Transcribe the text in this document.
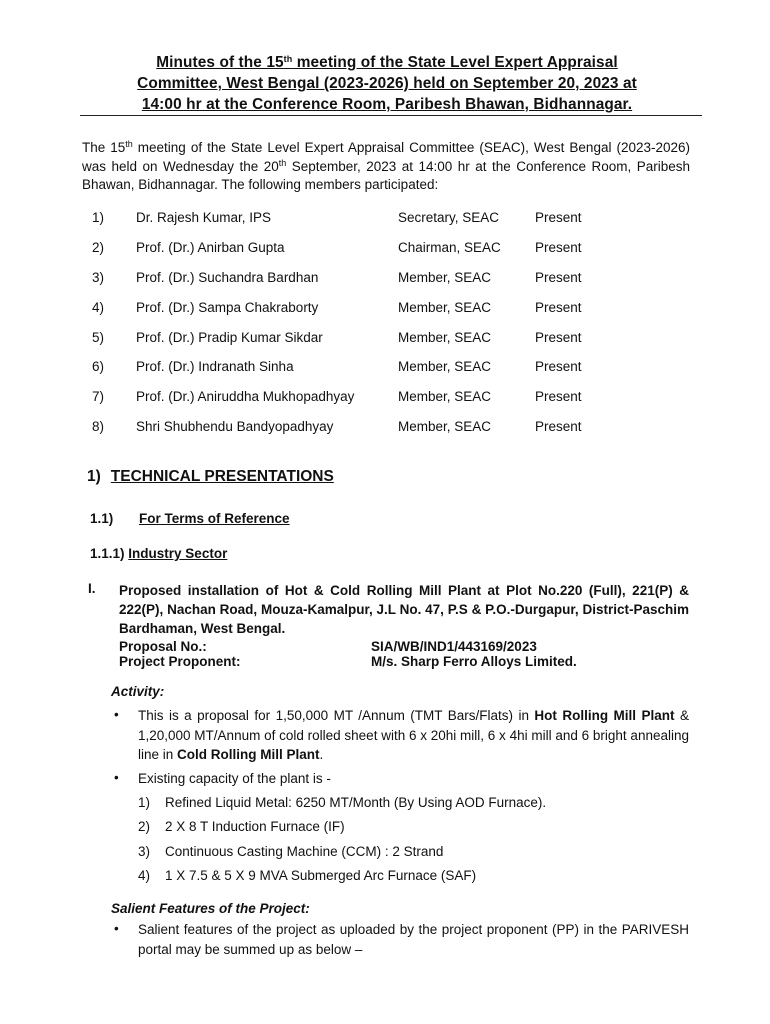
Minutes of the 15th meeting of the State Level Expert Appraisal
Committee, West Bengal (2023-2026) held on September 20, 2023 at
14:00 hr at the Conference Room, Paribesh Bhawan, Bidhannagar.
The 15th meeting of the State Level Expert Appraisal Committee (SEAC), West Bengal (2023-2026) was held on Wednesday the 20th September, 2023 at 14:00 hr at the Conference Room, Paribesh Bhawan, Bidhannagar. The following members participated:
1) Dr. Rajesh Kumar, IPS	Secretary, SEAC	Present
2) Prof. (Dr.) Anirban Gupta	Chairman, SEAC	Present
3) Prof. (Dr.) Suchandra Bardhan	Member, SEAC	Present
4) Prof. (Dr.) Sampa Chakraborty	Member, SEAC	Present
5) Prof. (Dr.) Pradip Kumar Sikdar	Member, SEAC	Present
6) Prof. (Dr.) Indranath Sinha	Member, SEAC	Present
7) Prof. (Dr.) Aniruddha Mukhopadhyay	Member, SEAC	Present
8) Shri Shubhendu Bandyopadhyay	Member, SEAC	Present
1) TECHNICAL PRESENTATIONS
1.1) For Terms of Reference
1.1.1) Industry Sector
I. Proposed installation of Hot & Cold Rolling Mill Plant at Plot No.220 (Full), 221(P) & 222(P), Nachan Road, Mouza-Kamalpur, J.L No. 47, P.S & P.O.-Durgapur, District-Paschim Bardhaman, West Bengal.
Proposal No.:	SIA/WB/IND1/443169/2023
Project Proponent:	M/s. Sharp Ferro Alloys Limited.
Activity:
• This is a proposal for 1,50,000 MT /Annum (TMT Bars/Flats) in Hot Rolling Mill Plant & 1,20,000 MT/Annum of cold rolled sheet with 6 x 20hi mill, 6 x 4hi mill and 6 bright annealing line in Cold Rolling Mill Plant.
• Existing capacity of the plant is -
1) Refined Liquid Metal: 6250 MT/Month (By Using AOD Furnace).
2) 2 X 8 T Induction Furnace (IF)
3) Continuous Casting Machine (CCM) : 2 Strand
4) 1 X 7.5 & 5 X 9 MVA Submerged Arc Furnace (SAF)
Salient Features of the Project:
• Salient features of the project as uploaded by the project proponent (PP) in the PARIVESH portal may be summed up as below –
